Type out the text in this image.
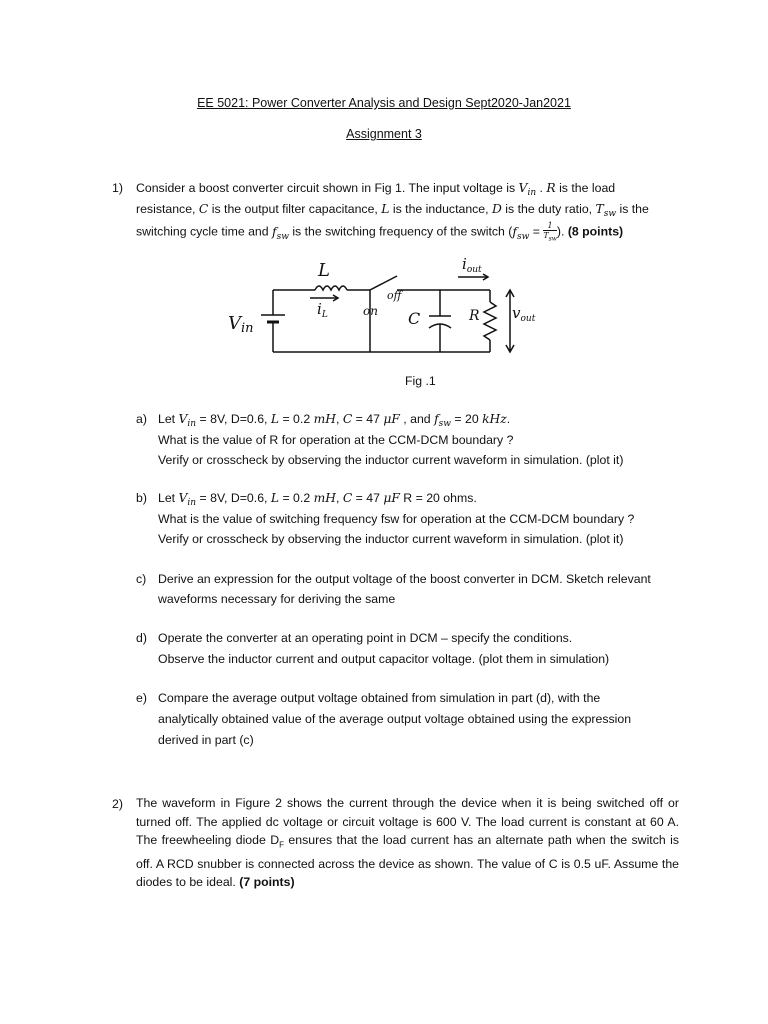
EE 5021: Power Converter Analysis and Design Sept2020-Jan2021
Assignment 3
1) Consider a boost converter circuit shown in Fig 1. The input voltage is $V_{in}$ . R is the load
resistance, C is the output filter capacitance, L is the inductance, D is the duty ratio, $T_{sw}$ is the
switching cycle time and $f_{sw}$ is the switching frequency of the switch ($f_{sw} = \frac{1}{T_{sw}}$ ). (8 points)
L	$i_{out}$
off
$i_L$	on C	R $v_{out}$
Vin
Fig .1
a) Let $V_{in} = 8V$, D=0.6, L = 0.2 mH, C = 47 μF , and $f_{sw} = 20$ kHz.
What is the value of R for operation at the CCM-DCM boundary ?
Verify or crosscheck by observing the inductor current waveform in simulation. (plot it)
b) Let $V_{in} = 8V$, D=0.6, L = 0.2 mH, C = 47 μF R = 20 ohms.
What is the value of switching frequency fsw for operation at the CCM-DCM boundary ?
Verify or crosscheck by observing the inductor current waveform in simulation. (plot it)
c) Derive an expression for the output voltage of the boost converter in DCM. Sketch relevant
waveforms necessary for deriving the same
d) Operate the converter at an operating point in DCM – specify the conditions.
Observe the inductor current and output capacitor voltage. (plot them in simulation)
e) Compare the average output voltage obtained from simulation in part (d), with the
analytically obtained value of the average output voltage obtained using the expression
derived in part (c)
2) The waveform in Figure 2 shows the current through the device when it is being switched off or turned off. The applied dc voltage or circuit voltage is 600 V. The load current is constant at 60 A. The freewheeling diode $D_F$ ensures that the load current has an alternate path when the switch is off. A RCD snubber is connected across the device as shown. The value of C is 0.5 uF. Assume the diodes to be ideal. (7 points)
